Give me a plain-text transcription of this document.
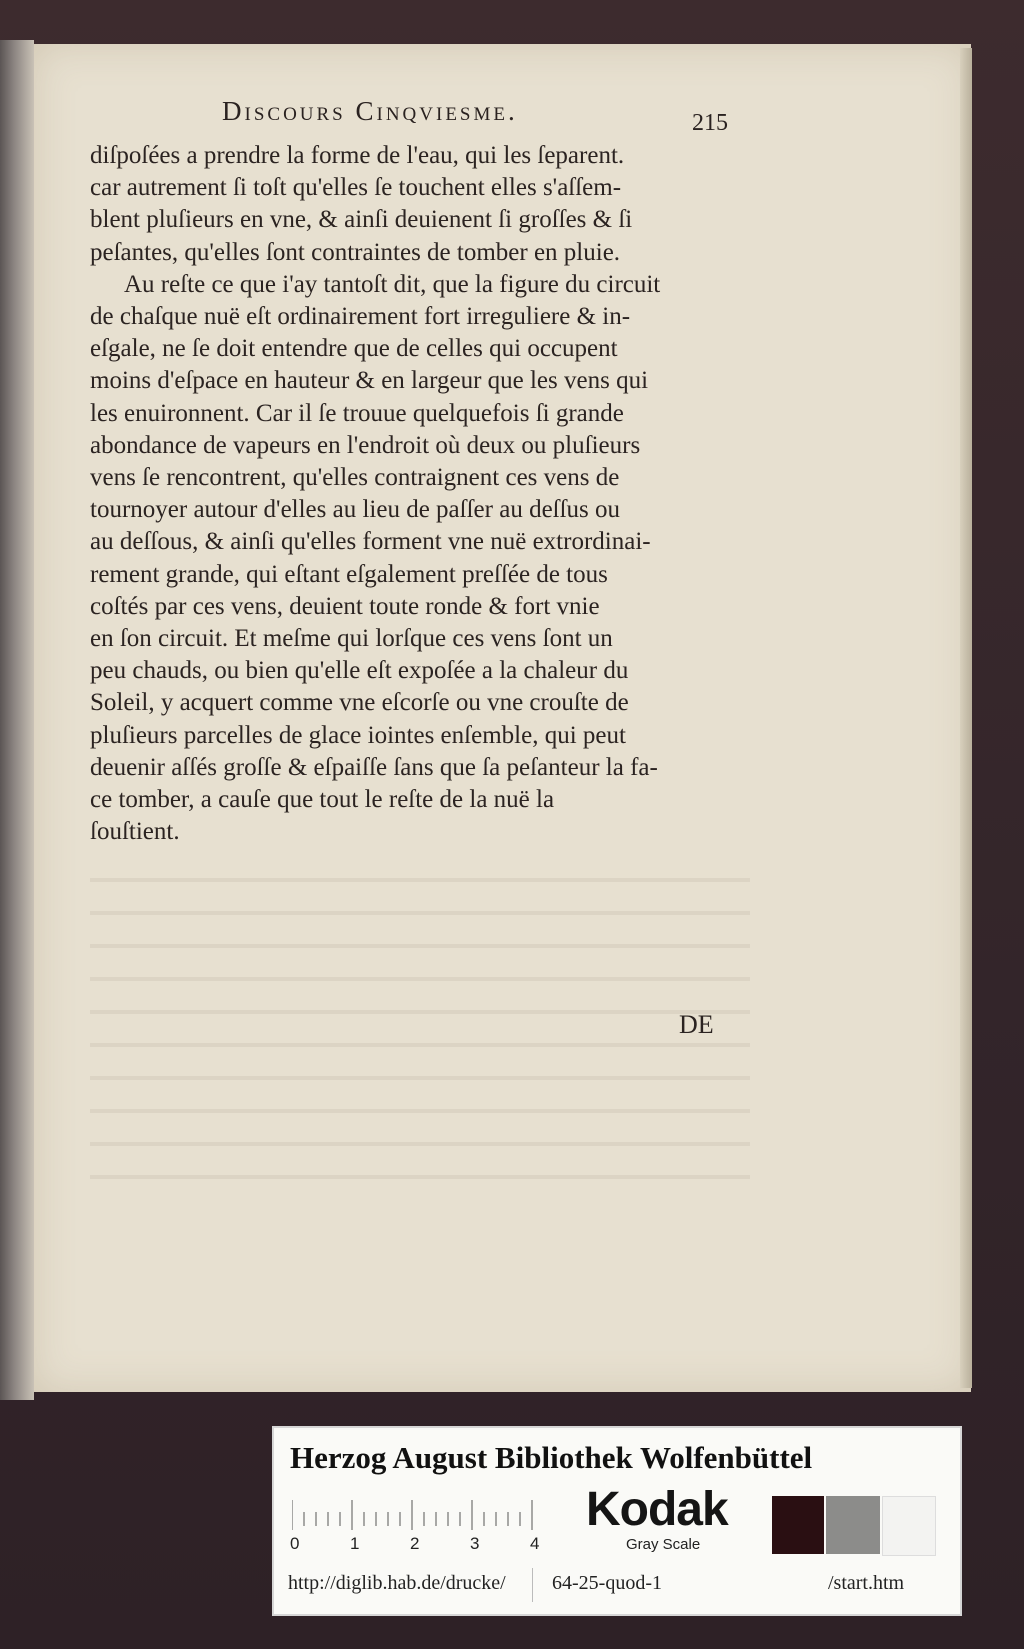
Discours Cinqviesme.	215
diſpoſées a prendre la forme de l'eau, qui les ſeparent.
car autrement ſi toſt qu'elles ſe touchent elles s'aſſem-
blent pluſieurs en vne, & ainſi deuienent ſi groſſes & ſi
peſantes, qu'elles ſont contraintes de tomber en pluie.
Au reſte ce que i'ay tantoſt dit, que la figure du circuit
de chaſque nuë eſt ordinairement fort irreguliere & in-
eſgale, ne ſe doit entendre que de celles qui occupent
moins d'eſpace en hauteur & en largeur que les vens qui
les enuironnent. Car il ſe trouue quelquefois ſi grande
abondance de vapeurs en l'endroit où deux ou pluſieurs
vens ſe rencontrent, qu'elles contraignent ces vens de
tournoyer autour d'elles au lieu de paſſer au deſſus ou
au deſſous, & ainſi qu'elles forment vne nuë extrordinai-
rement grande, qui eſtant eſgalement preſſée de tous
coſtés par ces vens, deuient toute ronde & fort vnie
en ſon circuit. Et meſme qui lorſque ces vens ſont un
peu chauds, ou bien qu'elle eſt expoſée a la chaleur du
Soleil, y acquert comme vne eſcorſe ou vne crouſte de
pluſieurs parcelles de glace iointes enſemble, qui peut
deuenir aſſés groſſe & eſpaiſſe ſans que ſa peſanteur la fa-
ce tomber, a cauſe que tout le reſte de la nuë la
ſouſtient.
DE
Herzog August Bibliothek Wolfenbüttel
0	1	2	3	4
Kodak
Gray Scale
http://diglib.hab.de/drucke/ 64-25-quod-1	/start.htm
